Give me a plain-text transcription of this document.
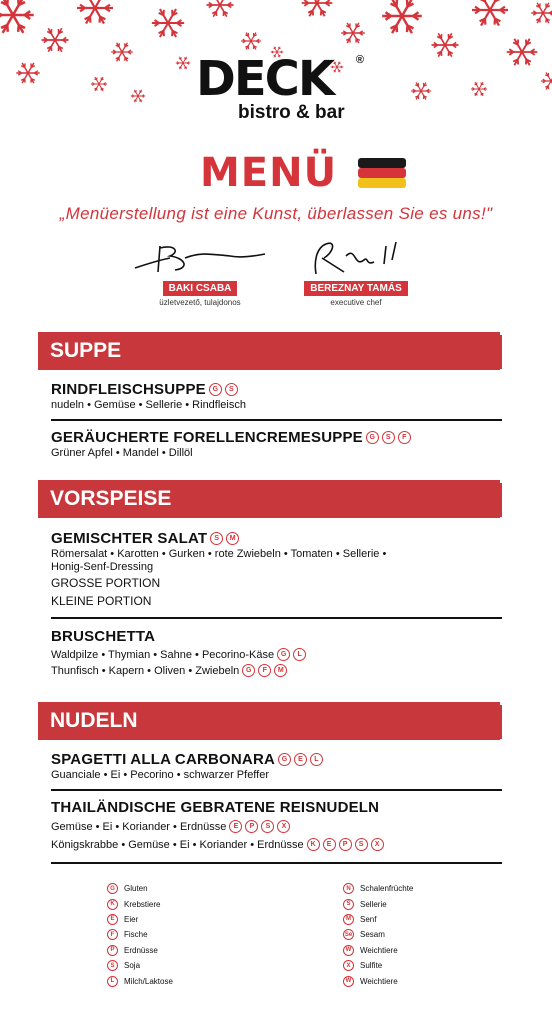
DECK	®
bistro & bar
MENÜ
„Menüerstellung ist eine Kunst, überlassen Sie es uns!"
BAKI CSABA
üzletvezető, tulajdonos
BEREZNAY TAMÁS
executive chef
SUPPE
RINDFLEISCHSUPPE G	S
nudeln • Gemüse • Sellerie • Rindfleisch
GERÄUCHERTE FORELLENCREMESUPPE G	S	F
Grüner Apfel • Mandel • Dillöl
VORSPEISE
GEMISCHTER SALAT	S	M
Römersalat • Karotten • Gurken • rote Zwiebeln • Tomaten • Sellerie •
Honig-Senf-Dressing
GROSSE PORTION
KLEINE PORTION
BRUSCHETTA
Waldpilze • Thymian • Sahne • Pecorino-Käse G	L
Thunfisch • Kapern • Oliven • Zwiebeln G	F	M
NUDELN
SPAGETTI ALLA CARBONARA G	E	L
Guanciale • Ei • Pecorino • schwarzer Pfeffer
THAILÄNDISCHE GEBRATENE REISNUDELN
Gemüse • Ei • Koriander • Erdnüsse	E	P	S	X
Königskrabbe • Gemüse • Ei • Koriander • Erdnüsse K	E	P	S	X
G	Gluten
K	Krebstiere
E	Eier
F	Fische
P	Erdnüsse
S	Soja
L	Milch/Laktose
N	Schalenfrüchte
S	Sellerie
M	Senf
Se Sesam
W	Weichtiere
X	Sulfite
W	Weichtiere
